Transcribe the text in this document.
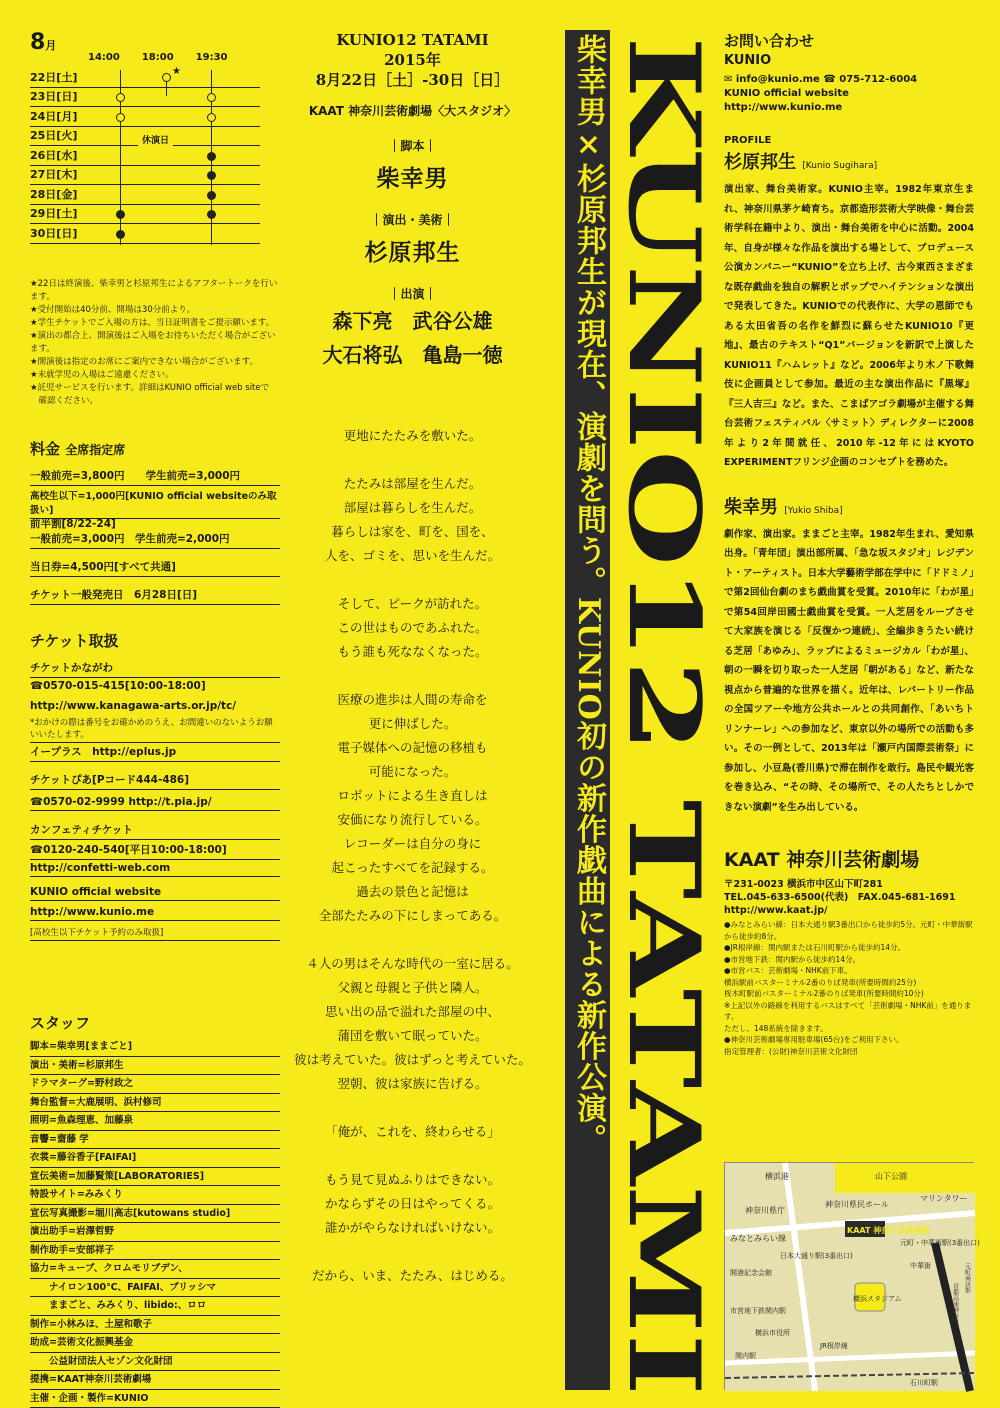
8月
14:00 18:00 19:30
22日[土]
23日[日]
24日[月]
25日[火]
26日[水]
27日[木]
28日[金]
29日[土]
30日[日]
★
休演日
★22日は終演後、柴幸男と杉原邦生によるアフタートークを行います。
★受付開始は40分前、開場は30分前より。
★学生チケットでご入場の方は、当日証明書をご提示願います。
★演出の都合上、開演後はご入場をお待ちいただく場合がございます。
★開演後は指定のお席にご案内できない場合がございます。
★未就学児の入場はご遠慮ください。
★託児サービスを行います。詳細はKUNIO official web siteで
　確認ください。
料金 全席指定席
一般前売=3,800円　　学生前売=3,000円
高校生以下=1,000円[KUNIO official websiteのみ取扱い]
前半割[8/22-24]
一般前売=3,000円　学生前売=2,000円
当日券=4,500円[すべて共通]
チケット一般発売日　6月28日[日]
チケット取扱
チケットかながわ
☎0570-015-415[10:00-18:00]
http://www.kanagawa-arts.or.jp/tc/
*おかけの際は番号をお確かめのうえ、お間違いのないようお願いいたします。
イープラス　http://eplus.jp
チケットぴあ[Pコード444-486]
☎0570-02-9999 http://t.pia.jp/
カンフェティチケット
☎0120-240-540[平日10:00-18:00]
http://confetti-web.com
KUNIO official website
http://www.kunio.me
[高校生以下チケット予約のみ取扱]
スタッフ
脚本=柴幸男[ままごと]
演出・美術=杉原邦生
ドラマターグ=野村政之
舞台監督=大鹿展明、浜村修司
照明=魚森理恵、加藤泉
音響=齋藤 学
衣裳=藤谷香子[FAIFAI]
宣伝美術=加藤賢策[LABORATORIES]
特設サイト=みみくり
宣伝写真撮影=堀川高志[kutowans studio]
演出助手=岩澤哲野
制作助手=安部祥子
協力=キューブ、クロムモリブデン、
　　ナイロン100℃、FAIFAI、ブリッシマ
　　ままごと、みみくり、libido:、ロロ
制作=小林みほ、土屋和歌子
助成=芸術文化振興基金
　　公益財団法人セゾン文化財団
提携=KAAT神奈川芸術劇場
主催・企画・製作=KUNIO
KUNIO12 TATAMI
2015年
8月22日［土］-30日［日］
KAAT 神奈川芸術劇場〈大スタジオ〉
｜脚本｜
柴幸男
｜演出・美術｜
杉原邦生
｜出演｜
森下亮　武谷公雄
大石将弘　亀島一徳

更地にたたみを敷いた。

たたみは部屋を生んだ。
部屋は暮らしを生んだ。
暮らしは家を、町を、国を、
人を、ゴミを、思いを生んだ。

そして、ピークが訪れた。
この世はものであふれた。
もう誰も死ななくなった。

医療の進歩は人間の寿命を
更に伸ばした。
電子媒体への記憶の移植も
可能になった。
ロボットによる生き直しは
安価になり流行している。
レコーダーは自分の身に
起こったすべてを記録する。
過去の景色と記憶は
全部たたみの下にしまってある。

４人の男はそんな時代の一室に居る。
父親と母親と子供と隣人。
思い出の品で溢れた部屋の中、
蒲団を敷いて眠っていた。
彼は考えていた。彼はずっと考えていた。
翌朝、彼は家族に告げる。

「俺が、これを、終わらせる」

もう見て見ぬふりはできない。
かならずその日はやってくる。
誰かがやらなければいけない。

だから、いま、たたみ、はじめる。

柴幸男×杉原邦生が現在、演劇を問う。KUNIO初の新作戯曲による新作公演。 KUNIO12 TATAMI お問い合わせ
KUNIO
✉ info@kunio.me ☎ 075-712-6004
KUNIO official website
http://www.kunio.me
PROFILE
杉原邦生 [Kunio Sugihara]
演出家、舞台美術家。KUNIO主宰。1982年東京生まれ、神奈川県茅ケ崎育ち。京都造形芸術大学映像・舞台芸術学科在籍中より、演出・舞台美術を中心に活動。2004年、自身が様々な作品を演出する場として、プロデュース公演カンパニー“KUNIO”を立ち上げ、古今東西さまざまな既存戯曲を独自の解釈とポップでハイテンションな演出で発表してきた。KUNIOでの代表作に、大学の恩師でもある太田省吾の名作を鮮烈に蘇らせたKUNIO10『更地』、最古のテキスト“Q1”バージョンを新訳で上演したKUNIO11『ハムレット』など。2006年より木ノ下歌舞伎に企画員として参加。最近の主な演出作品に『黒塚』『三人吉三』など。また、こまばアゴラ劇場が主催する舞台芸術フェスティバル〈サミット〉ディレクターに2008年より2年間就任、2010年-12年にはKYOTO EXPERIMENTフリンジ企画のコンセプトを務めた。
柴幸男 [Yukio Shiba]
劇作家、演出家。ままごと主宰。1982年生まれ、愛知県出身。「青年団」演出部所属、「急な坂スタジオ」レジデント・アーティスト。日本大学藝術学部在学中に「ドドミノ」で第2回仙台劇のまち戯曲賞を受賞。2010年に「わが星」で第54回岸田國士戯曲賞を受賞。一人芝居をループさせて大家族を演じる「反復かつ連続」、全編歩きうたい続ける芝居「あゆみ」、ラップによるミュージカル「わが星」、朝の一瞬を切り取った一人芝居「朝がある」など、新たな視点から普遍的な世界を描く。近年は、レパートリー作品の全国ツアーや地方公共ホールとの共同創作、「あいちトリンナーレ」への参加など、東京以外の場所での活動も多い。その一例として、2013年は「瀬戸内国際芸術祭」に参加し、小豆島(香川県)で滞在制作を敢行。島民や観光客を巻き込み、“その時、その場所で、その人たちとしかできない演劇”を生み出している。
KAAT 神奈川芸術劇場
〒231-0023 横浜市中区山下町281
TEL.045-633-6500(代表)　FAX.045-681-1691
http://www.kaat.jp/
●みなとみらい線：日本大通り駅3番出口から徒歩約5分。元町・中華街駅から徒歩約8分。
●JR根岸線：関内駅または石川町駅から徒歩約14分。
●市営地下鉄：関内駅から徒歩約14分。
●市営バス：芸術劇場・NHK前下車。
横浜駅前バスターミナル2番のりば発車(所要時間約25分)
桜木町駅前バスターミナル2番のりば発車(所要時間約10分)
※上記以外の路線を利用するバスはすべて「芸術劇場・NHK前」を通ります。
ただし、148系統を除きます。
●神奈川芸術劇場専用駐車場(65台)をご利用下さい。
指定管理者：(公財)神奈川芸術文化財団
横浜港	山下公園
マリンタワー
神奈川県庁
神奈川県民ホール
みなとみらい線
KAAT 神奈川芸術劇場
日本大通り駅(3番出口)
開港記念会館
元町・中華街駅(3番出口)
中華街
横浜スタジアム
市営地下鉄関内駅
横浜市役所
関内駅
JR根岸線
石川町駅
首都高速神奈川線
元町商店街
